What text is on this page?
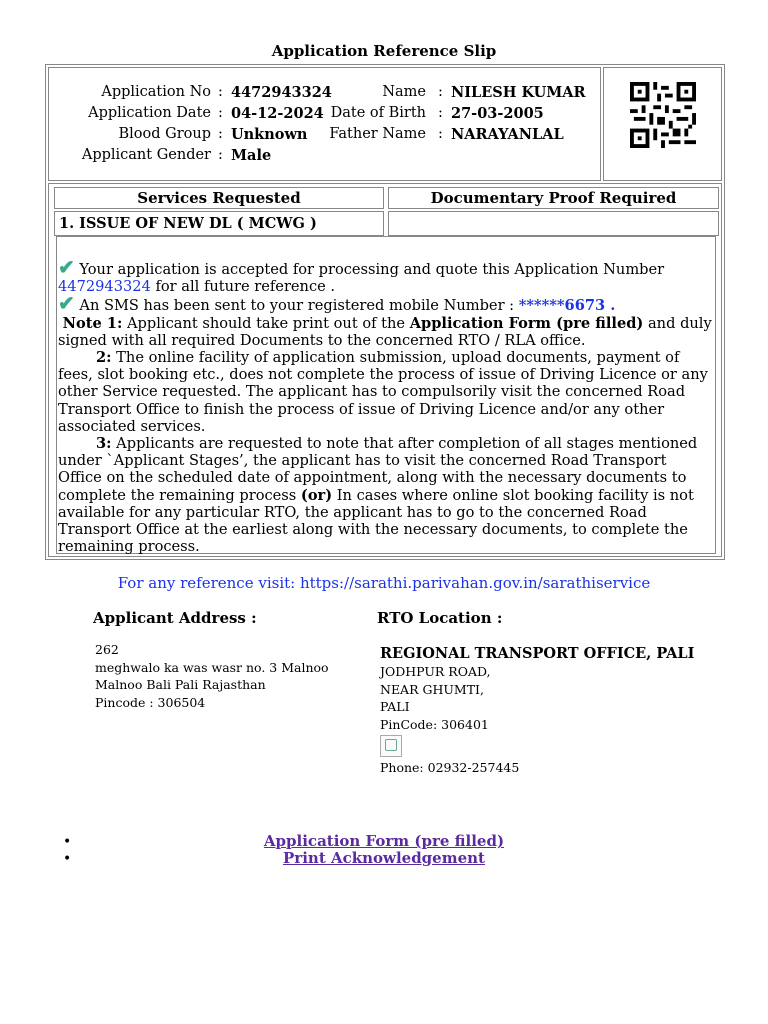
Application Reference Slip
Application No : 4472943324
Application Date : 04-12-2024
Blood Group : Unknown
Applicant Gender : Male
Name : NILESH KUMAR
Date of Birth : 27-03-2005
Father Name : NARAYANLAL
Services Requested	Documentary Proof Required
1. ISSUE OF NEW DL ( MCWG )
✔ Your application is accepted for processing and quote this Application Number 4472943324 for all future reference .
✔ An SMS has been sent to your registered mobile Number : ******6673 .
Note 1: Applicant should take print out of the Application Form (pre filled) and duly signed with all required Documents to the concerned RTO / RLA office.
2: The online facility of application submission, upload documents, payment of fees, slot booking etc., does not complete the process of issue of Driving Licence or any other Service requested. The applicant has to compulsorily visit the concerned Road Transport Office to finish the process of issue of Driving Licence and/or any other associated services.
3: Applicants are requested to note that after completion of all stages mentioned under `Applicant Stages’, the applicant has to visit the concerned Road Transport Office on the scheduled date of appointment, along with the necessary documents to complete the remaining process (or) In cases where online slot booking facility is not available for any particular RTO, the applicant has to go to the concerned Road Transport Office at the earliest along with the necessary documents, to complete the remaining process.
For any reference visit: https://sarathi.parivahan.gov.in/sarathiservice
Applicant Address :	RTO Location :
262
meghwalo ka was wasr no. 3 Malnoo
Malnoo Bali Pali Rajasthan
Pincode : 306504
REGIONAL TRANSPORT OFFICE, PALI
JODHPUR ROAD,
NEAR GHUMTI,
PALI
PinCode: 306401
Phone: 02932-257445
•
•
Application Form (pre filled)
Print Acknowledgement
